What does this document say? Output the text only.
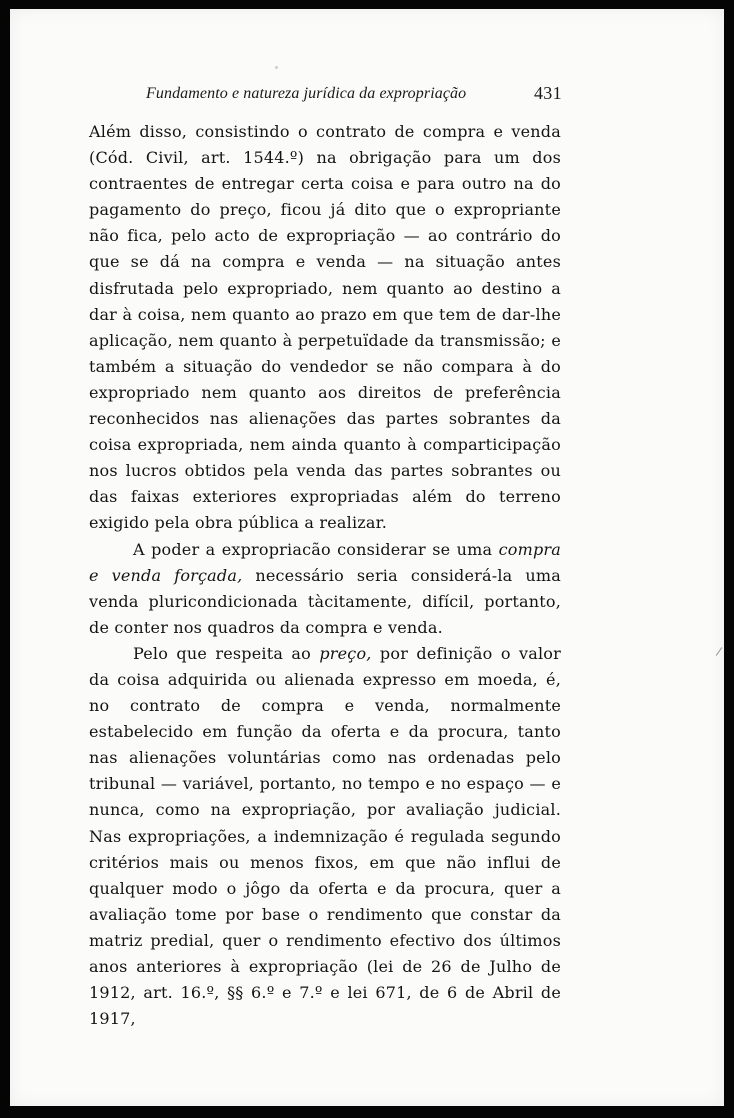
Fundamento e natureza jurídica da expropriação	431

Além disso, consistindo o contrato de compra e venda (Cód. Civil, art. 1544.º) na obrigação para um dos contraentes de entregar certa coisa e para outro na do pagamento do preço, ficou já dito que o expropriante não fica, pelo acto de expropriação — ao contrário do que se dá na compra e venda — na situação antes disfrutada pelo expropriado, nem quanto ao destino a dar à coisa, nem quanto ao prazo em que tem de dar-lhe aplicação, nem quanto à perpetuïdade da transmissão; e também a situação do vendedor se não compara à do expropriado nem quanto aos direitos de preferência reconhecidos nas alienações das partes sobrantes da coisa expropriada, nem ainda quanto à comparticipação nos lucros obtidos pela venda das partes sobrantes ou das faixas exteriores expropriadas além do terreno exigido pela obra pública a realizar.

A poder a expropriacão considerar se uma compra e venda forçada, necessário seria considerá-la uma venda pluricondicionada tàcitamente, difícil, portanto, de conter nos quadros da compra e venda.

Pelo que respeita ao preço, por definição o valor da coisa adquirida ou alienada expresso em moeda, é, no contrato de compra e venda, normalmente estabelecido em função da oferta e da procura, tanto nas alienações voluntárias como nas ordenadas pelo tribunal — variável, portanto, no tempo e no espaço — e nunca, como na expropriação, por avaliação judicial. Nas expropriações, a indemnização é regulada segundo critérios mais ou menos fixos, em que não influi de qualquer modo o jôgo da oferta e da procura, quer a avaliação tome por base o rendimento que constar da matriz predial, quer o rendimento efectivo dos últimos anos anteriores à expropriação (lei de 26 de Julho de 1912, art. 16.º, §§ 6.º e 7.º e lei 671, de 6 de Abril de 1917,
